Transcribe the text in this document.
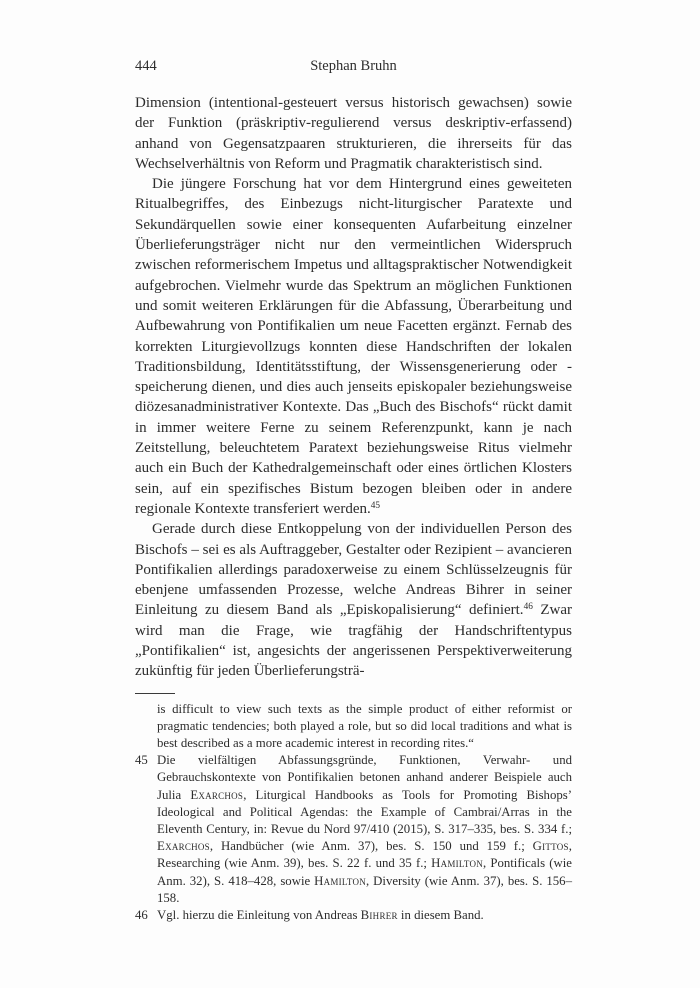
444	Stephan Bruhn

Dimension (intentional-gesteuert versus historisch gewachsen) sowie der Funktion (präskriptiv-regulierend versus deskriptiv-erfassend) anhand von Gegensatzpaaren strukturieren, die ihrerseits für das Wechselverhältnis von Reform und Pragmatik charakteristisch sind.

Die jüngere Forschung hat vor dem Hintergrund eines geweiteten Ritualbegriffes, des Einbezugs nicht-liturgischer Paratexte und Sekundärquellen sowie einer konsequenten Aufarbeitung einzelner Überlieferungsträger nicht nur den vermeintlichen Widerspruch zwischen reformerischem Impetus und alltagspraktischer Notwendigkeit aufgebrochen. Vielmehr wurde das Spektrum an möglichen Funktionen und somit weiteren Erklärungen für die Abfassung, Überarbeitung und Aufbewahrung von Pontifikalien um neue Facetten ergänzt. Fernab des korrekten Liturgievollzugs konnten diese Handschriften der lokalen Traditionsbildung, Identitätsstiftung, der Wissensgenerierung oder -speicherung dienen, und dies auch jenseits episkopaler beziehungsweise diözesanadministrativer Kontexte. Das „Buch des Bischofs“ rückt damit in immer weitere Ferne zu seinem Referenzpunkt, kann je nach Zeitstellung, beleuchtetem Paratext beziehungsweise Ritus vielmehr auch ein Buch der Kathedralgemeinschaft oder eines örtlichen Klosters sein, auf ein spezifisches Bistum bezogen bleiben oder in andere regionale Kontexte transferiert werden.$^{45}$

Gerade durch diese Entkoppelung von der individuellen Person des Bischofs – sei es als Auftraggeber, Gestalter oder Rezipient – avancieren Pontifikalien allerdings paradoxerweise zu einem Schlüsselzeugnis für ebenjene umfassenden Prozesse, welche Andreas Bihrer in seiner Einleitung zu diesem Band als „Episkopalisierung“ definiert.$^{46}$ Zwar wird man die Frage, wie tragfähig der Handschriftentypus „Pontifikalien“ ist, angesichts der angerissenen Perspektiverweiterung zukünftig für jeden Überlieferungsträ-

is difficult to view such texts as the simple product of either reformist or pragmatic tendencies; both played a role, but so did local traditions and what is best described as a more academic interest in recording rites.“
45 Die vielfältigen Abfassungsgründe, Funktionen, Verwahr- und Gebrauchskontexte von Pontifikalien betonen anhand anderer Beispiele auch Julia Exarchos, Liturgical Handbooks as Tools for Promoting Bishops’ Ideological and Political Agendas: the Example of Cambrai/Arras in the Eleventh Century, in: Revue du Nord 97/410 (2015), S. 317–335, bes. S. 334 f.; Exarchos, Handbücher (wie Anm. 37), bes. S. 150 und 159 f.; Gittos, Researching (wie Anm. 39), bes. S. 22 f. und 35 f.; Hamilton, Pontificals (wie Anm. 32), S. 418–428, sowie Hamilton, Diversity (wie Anm. 37), bes. S. 156–158.
46 Vgl. hierzu die Einleitung von Andreas Bihrer in diesem Band.
